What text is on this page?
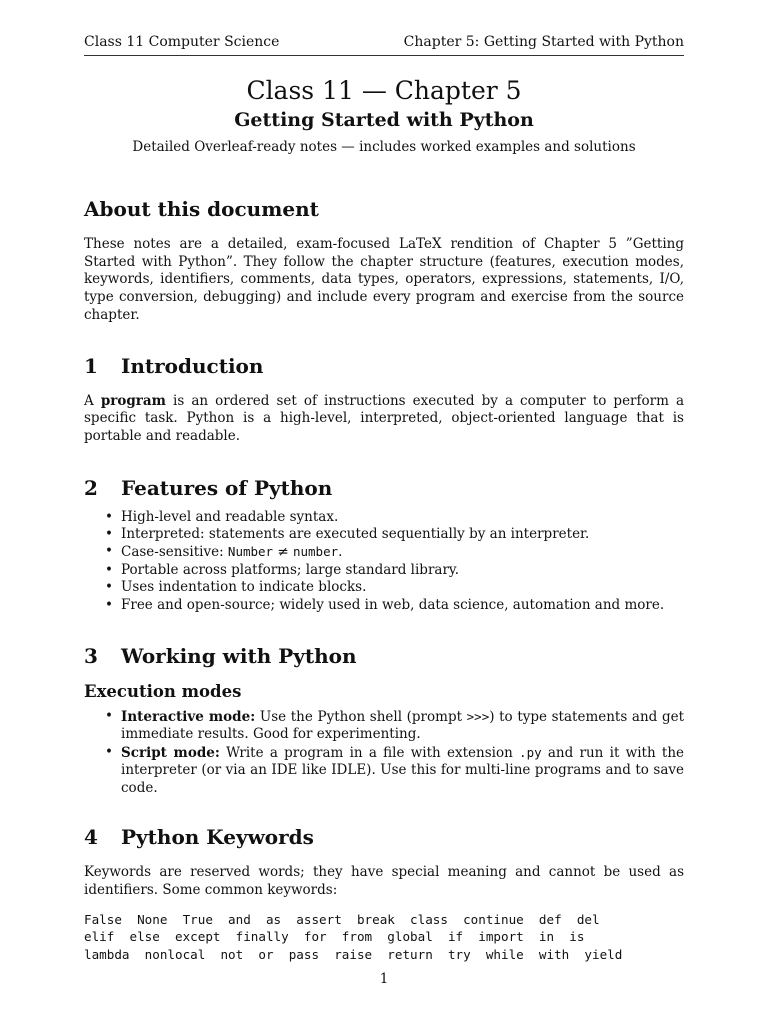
Class 11 Computer Science	Chapter 5: Getting Started with Python
Class 11 — Chapter 5
Getting Started with Python

Detailed Overleaf-ready notes — includes worked examples and solutions

About this document

These notes are a detailed, exam-focused LaTeX rendition of Chapter 5 ”Getting Started with Python”. They follow the chapter structure (features, execution modes, keywords, identifiers, comments, data types, operators, expressions, statements, I/O, type conversion, debugging) and include every program and exercise from the source chapter.

1	Introduction

A program is an ordered set of instructions executed by a computer to perform a specific task. Python is a high-level, interpreted, object-oriented language that is portable and readable.

2	Features of Python
• High-level and readable syntax.
• Interpreted: statements are executed sequentially by an interpreter.
• Case-sensitive: Number ≠ number.
• Portable across platforms; large standard library.
• Uses indentation to indicate blocks.
• Free and open-source; widely used in web, data science, automation and more.
3	Working with Python
Execution modes
• Interactive mode: Use the Python shell (prompt >>>) to type statements and get immediate results. Good for experimenting.
• Script mode: Write a program in a file with extension .py and run it with the interpreter (or via an IDE like IDLE). Use this for multi-line programs and to save code.
4	Python Keywords

Keywords are reserved words; they have special meaning and cannot be used as identifiers. Some common keywords:

False  None  True  and  as  assert  break  class  continue  def  del
elif  else  except  finally  for  from  global  if  import  in  is
lambda  nonlocal  not  or  pass  raise  return  try  while  with  yield
1
